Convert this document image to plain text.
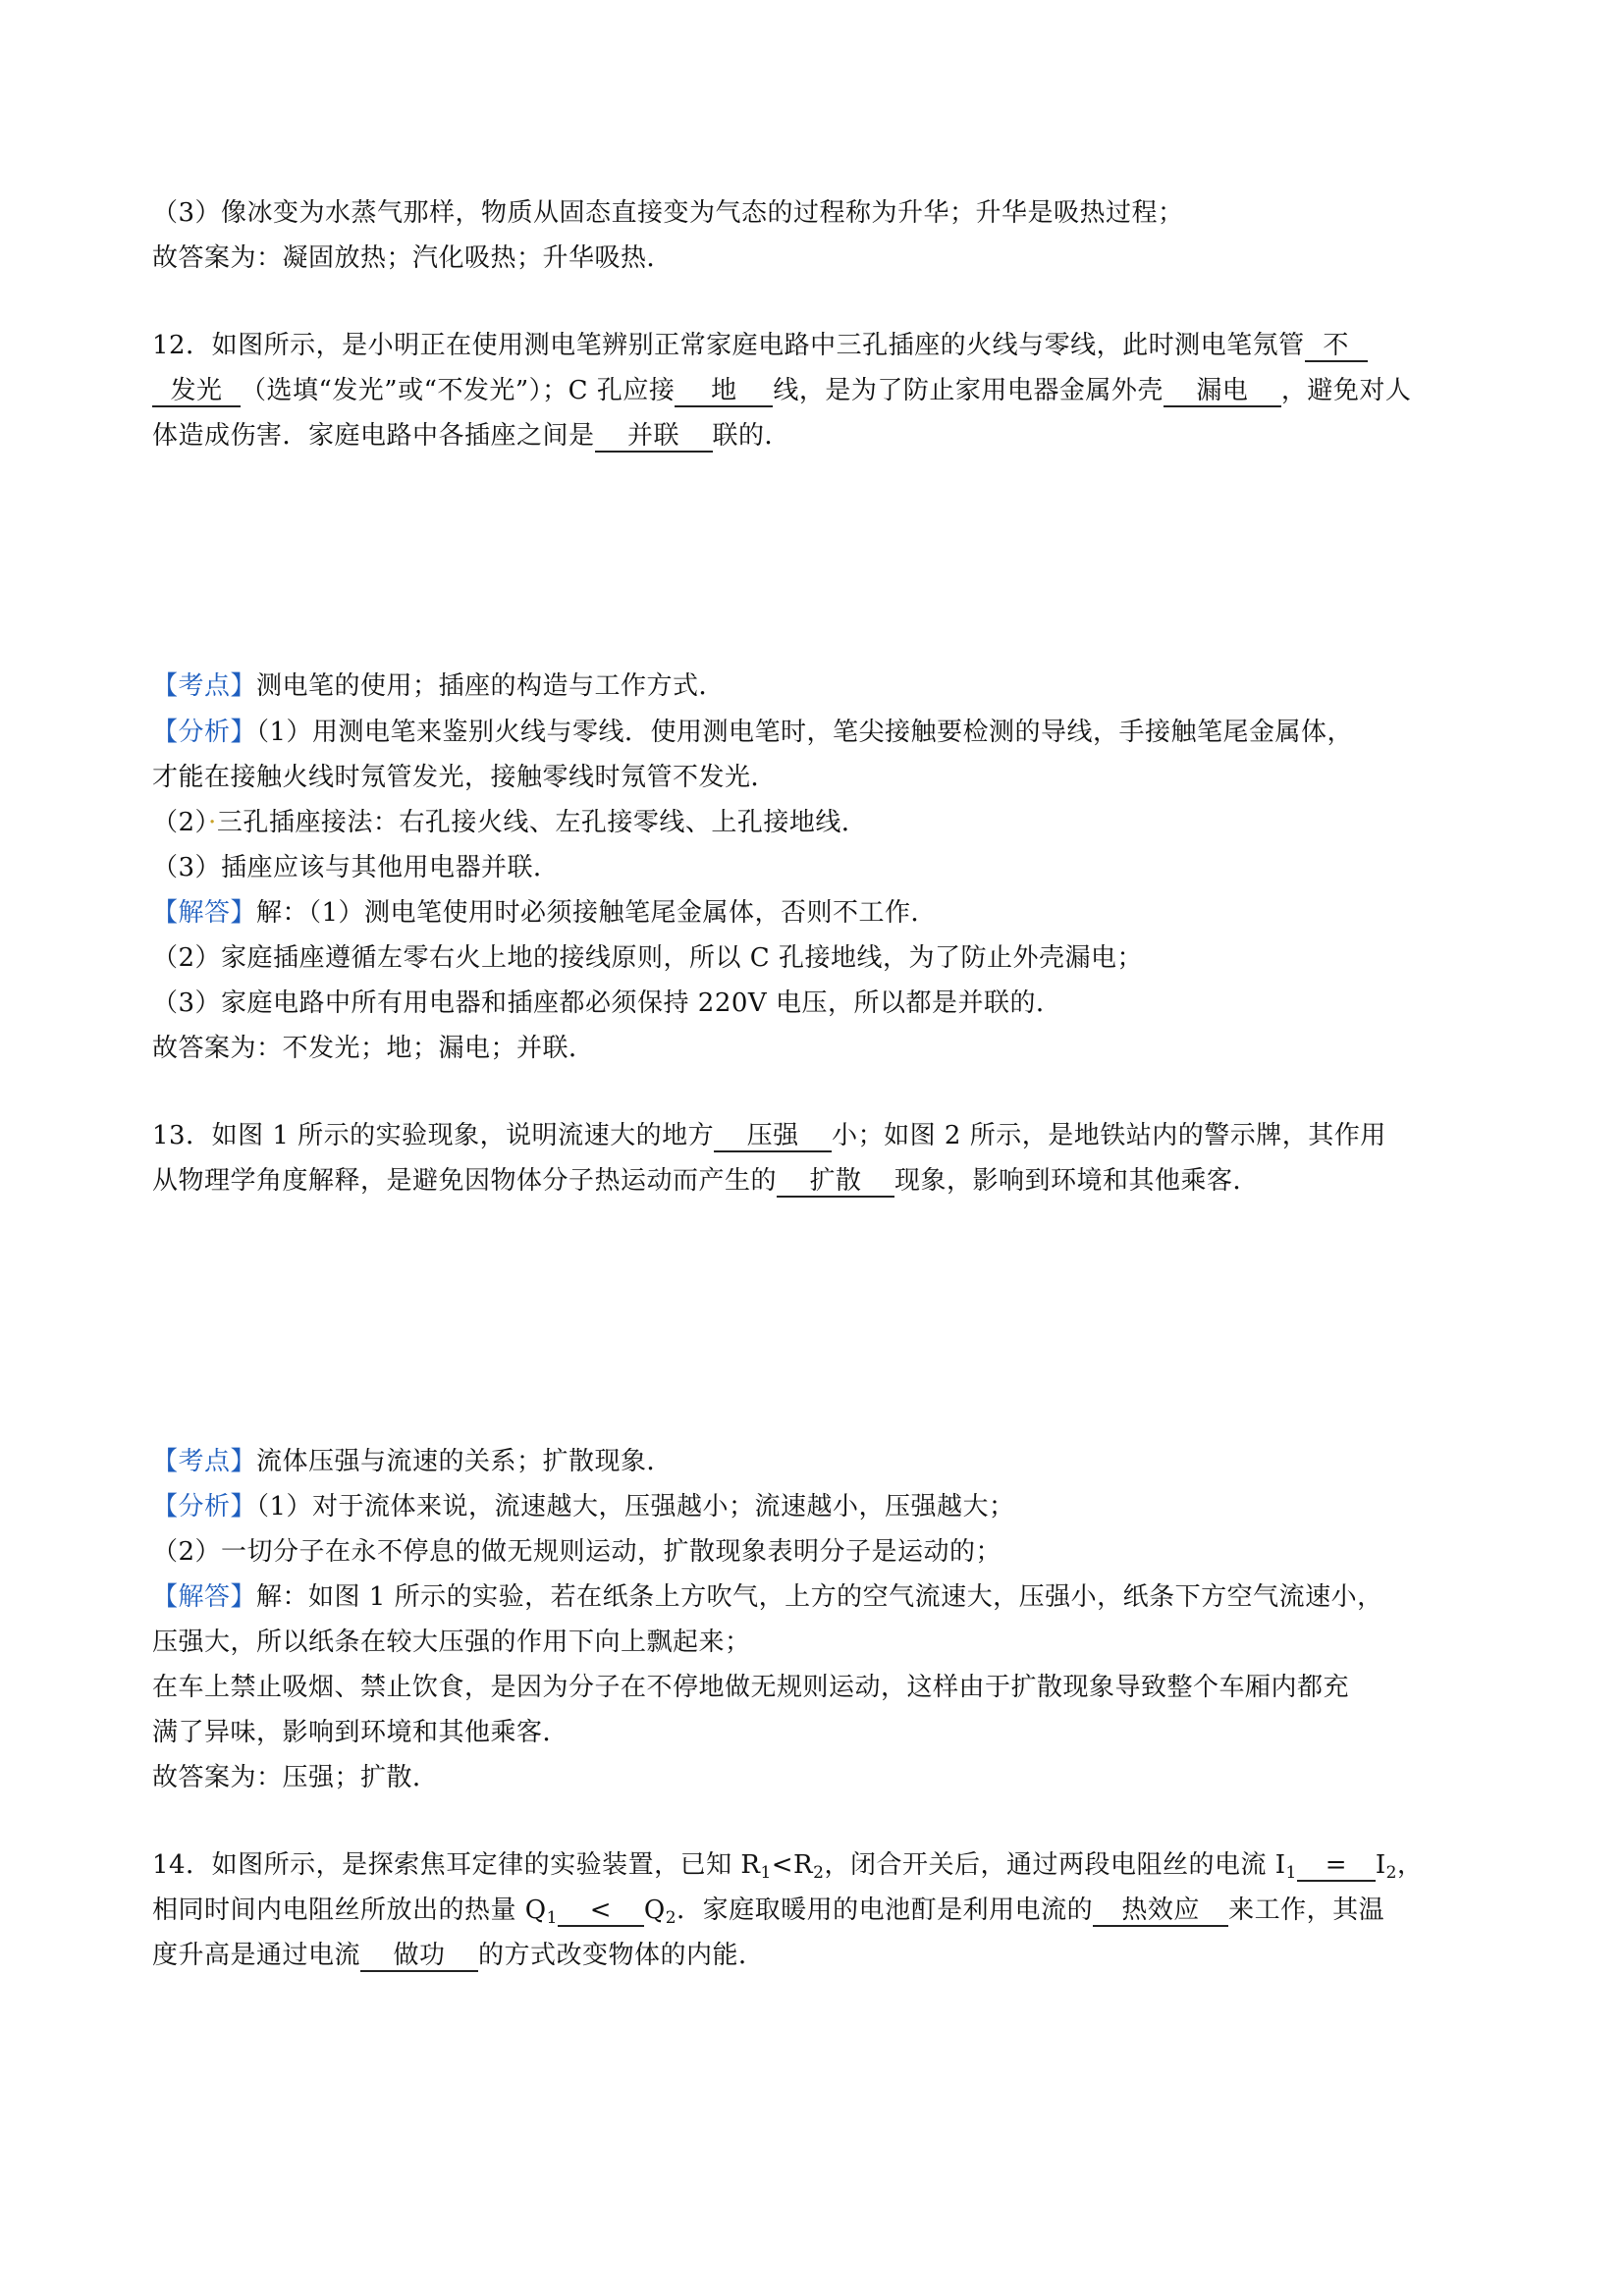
（3）像冰变为水蒸气那样，物质从固态直接变为气态的过程称为升华；升华是吸热过程；
故答案为：凝固放热；汽化吸热；升华吸热．
12．如图所示，是小明正在使用测电笔辨别正常家庭电路中三孔插座的火线与零线，此时测电笔氖管 不
发光 （选填“发光”或“不发光”）；C 孔应接 地 线，是为了防止家用电器金属外壳 漏电 ，避免对人
体造成伤害．家庭电路中各插座之间是 并联 联的．
【考点】测电笔的使用；插座的构造与工作方式．
【分析】（1）用测电笔来鉴别火线与零线．使用测电笔时，笔尖接触要检测的导线，手接触笔尾金属体，
才能在接触火线时氖管发光，接触零线时氖管不发光．
（2）·三孔插座接法：右孔接火线、左孔接零线、上孔接地线．
（3）插座应该与其他用电器并联．
【解答】解：（1）测电笔使用时必须接触笔尾金属体，否则不工作．
（2）家庭插座遵循左零右火上地的接线原则，所以 C 孔接地线，为了防止外壳漏电；
（3）家庭电路中所有用电器和插座都必须保持 220V 电压，所以都是并联的．
故答案为：不发光；地；漏电；并联．
13．如图 1 所示的实验现象，说明流速大的地方 压强 小；如图 2 所示，是地铁站内的警示牌，其作用
从物理学角度解释，是避免因物体分子热运动而产生的 扩散 现象，影响到环境和其他乘客．
【考点】流体压强与流速的关系；扩散现象．
【分析】（1）对于流体来说，流速越大，压强越小；流速越小，压强越大；
（2）一切分子在永不停息的做无规则运动，扩散现象表明分子是运动的；
【解答】解：如图 1 所示的实验，若在纸条上方吹气，上方的空气流速大，压强小，纸条下方空气流速小，
压强大，所以纸条在较大压强的作用下向上飘起来；
在车上禁止吸烟、禁止饮食，是因为分子在不停地做无规则运动，这样由于扩散现象导致整个车厢内都充
满了异味，影响到环境和其他乘客．
故答案为：压强；扩散．
14．如图所示，是探索焦耳定律的实验装置，已知 $R_1<R_2$，闭合开关后，通过两段电阻丝的电流 $I_1 = I_2$，
相同时间内电阻丝所放出的热量 $Q_1 < Q_2$．家庭取暖用的电池酊是利用电流的 热效应 来工作，其温
度升高是通过电流 做功 的方式改变物体的内能．
